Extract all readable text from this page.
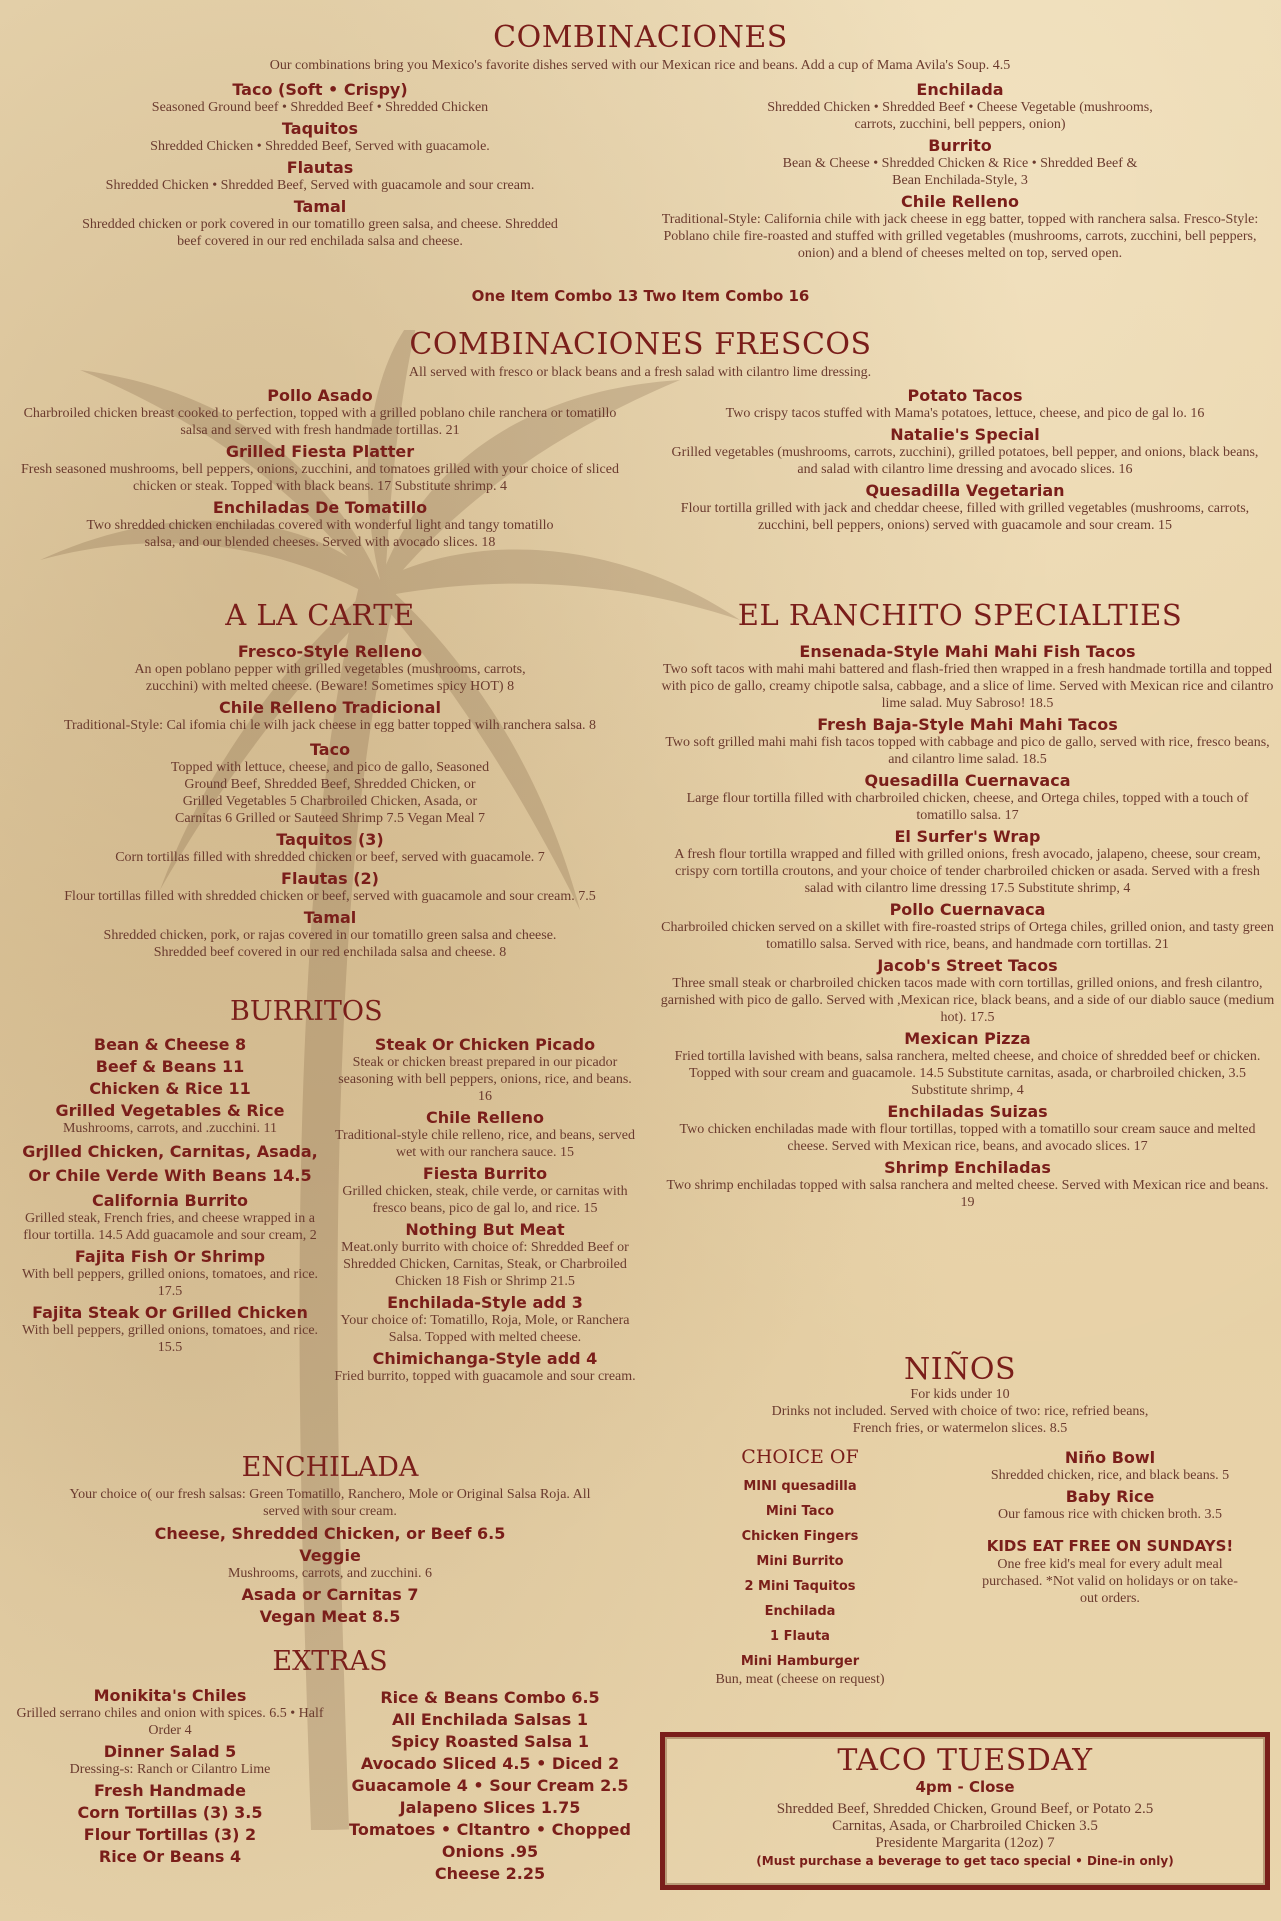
COMBINACIONES
Our combinations bring you Mexico's favorite dishes served with our Mexican rice and beans. Add a cup of Mama Avila's Soup. 4.5
Taco (Soft • Crispy)
Seasoned Ground beef • Shredded Beef • Shredded Chicken
Taquitos
Shredded Chicken • Shredded Beef, Served with guacamole.
Flautas
Shredded Chicken • Shredded Beef, Served with guacamole and sour cream.
Tamal
Shredded chicken or pork covered in our tomatillo green salsa, and cheese. Shredded beef covered in our red enchilada salsa and cheese.
Enchilada
Shredded Chicken • Shredded Beef • Cheese Vegetable (mushrooms, carrots, zucchini, bell peppers, onion)
Burrito
Bean & Cheese • Shredded Chicken & Rice • Shredded Beef & Bean Enchilada-Style, 3
Chile Relleno
Traditional-Style: California chile with jack cheese in egg batter, topped with ranchera salsa. Fresco-Style: Poblano chile fire-roasted and stuffed with grilled vegetables (mushrooms, carrots, zucchini, bell peppers, onion) and a blend of cheeses melted on top, served open.
One Item Combo 13 Two Item Combo 16
COMBINACIONES FRESCOS
All served with fresco or black beans and a fresh salad with cilantro lime dressing.
Pollo Asado
Charbroiled chicken breast cooked to perfection, topped with a grilled poblano chile ranchera or tomatillo salsa and served with fresh handmade tortillas. 21
Grilled Fiesta Platter
Fresh seasoned mushrooms, bell peppers, onions, zucchini, and tomatoes grilled with your choice of sliced chicken or steak. Topped with black beans. 17 Substitute shrimp. 4
Enchiladas De Tomatillo
Two shredded chicken enchiladas covered with wonderful light and tangy tomatillo salsa, and our blended cheeses. Served with avocado slices. 18
Potato Tacos
Two crispy tacos stuffed with Mama's potatoes, lettuce, cheese, and pico de gal lo. 16
Natalie's Special
Grilled vegetables (mushrooms, carrots, zucchini), grilled potatoes, bell pepper, and onions, black beans, and salad with cilantro lime dressing and avocado slices. 16
Quesadilla Vegetarian
Flour tortilla grilled with jack and cheddar cheese, filled with grilled vegetables (mushrooms, carrots, zucchini, bell peppers, onions) served with guacamole and sour cream. 15
A LA CARTE
Fresco-Style Relleno
An open poblano pepper with grilled vegetables (mushrooms, carrots, zucchini) with melted cheese. (Beware! Sometimes spicy HOT) 8
Chile Relleno Tradicional
Traditional-Style: Cal ifomia chi le wilh jack cheese in egg batter topped wilh ranchera salsa. 8
Taco
Topped with lettuce, cheese, and pico de gallo, Seasoned Ground Beef, Shredded Beef, Shredded Chicken, or Grilled Vegetables 5 Charbroiled Chicken, Asada, or Carnitas 6 Grilled or Sauteed Shrimp 7.5 Vegan Meal 7
Taquitos (3)
Corn tortillas filled with shredded chicken or beef, served with guacamole. 7
Flautas (2)
Flour tortillas filled with shredded chicken or beef, served with guacamole and sour cream. 7.5
Tamal
Shredded chicken, pork, or rajas covered in our tomatillo green salsa and cheese. Shredded beef covered in our red enchilada salsa and cheese. 8
BURRITOS
Bean & Cheese 8
Beef & Beans 11
Chicken & Rice 11
Grilled Vegetables & Rice
Mushrooms, carrots, and .zucchini. 11
Grjlled Chicken, Carnitas, Asada, Or Chile Verde With Beans 14.5
California Burrito
Grilled steak, French fries, and cheese wrapped in a flour tortilla. 14.5 Add guacamole and sour cream, 2
Fajita Fish Or Shrimp
With bell peppers, grilled onions, tomatoes, and rice. 17.5
Fajita Steak Or Grilled Chicken
With bell peppers, grilled onions, tomatoes, and rice. 15.5
Steak Or Chicken Picado
Steak or chicken breast prepared in our picador seasoning with bell peppers, onions, rice, and beans. 16
Chile Relleno
Traditional-style chile relleno, rice, and beans, served wet with our ranchera sauce. 15
Fiesta Burrito
Grilled chicken, steak, chile verde, or carnitas with fresco beans, pico de gal lo, and rice. 15
Nothing But Meat
Meat.only burrito with choice of: Shredded Beef or Shredded Chicken, Carnitas, Steak, or Charbroiled Chicken 18 Fish or Shrimp 21.5
Enchilada-Style add 3
Your choice of: Tomatillo, Roja, Mole, or Ranchera Salsa. Topped with melted cheese.
Chimichanga-Style add 4
Fried burrito, topped with guacamole and sour cream.
ENCHILADA
Your choice o( our fresh salsas: Green Tomatillo, Ranchero, Mole or Original Salsa Roja. All served with sour cream.
Cheese, Shredded Chicken, or Beef 6.5
Veggie
Mushrooms, carrots, and zucchini. 6
Asada or Carnitas 7
Vegan Meat 8.5
EXTRAS
Monikita's Chiles
Grilled serrano chiles and onion with spices. 6.5 • Half Order 4
Dinner Salad 5
Dressing-s: Ranch or Cilantro Lime
Fresh Handmade
Corn Tortillas (3) 3.5
Flour Tortillas (3) 2
Rice Or Beans 4
Rice & Beans Combo 6.5
All Enchilada Salsas 1
Spicy Roasted Salsa 1
Avocado Sliced 4.5 • Diced 2
Guacamole 4 • Sour Cream 2.5
Jalapeno Slices 1.75
Tomatoes • Cltantro • Chopped
Onions .95
Cheese 2.25
EL RANCHITO SPECIALTIES
Ensenada-Style Mahi Mahi Fish Tacos
Two soft tacos with mahi mahi battered and flash-fried then wrapped in a fresh handmade tortilla and topped with pico de gallo, creamy chipotle salsa, cabbage, and a slice of lime. Served with Mexican rice and cilantro lime salad. Muy Sabroso! 18.5
Fresh Baja-Style Mahi Mahi Tacos
Two soft grilled mahi mahi fish tacos topped with cabbage and pico de gallo, served with rice, fresco beans, and cilantro lime salad. 18.5
Quesadilla Cuernavaca
Large flour tortilla filled with charbroiled chicken, cheese, and Ortega chiles, topped with a touch of tomatillo salsa. 17
El Surfer's Wrap
A fresh flour tortilla wrapped and filled with grilled onions, fresh avocado, jalapeno, cheese, sour cream, crispy corn tortilla croutons, and your choice of tender charbroiled chicken or asada. Served with a fresh salad with cilantro lime dressing 17.5 Substitute shrimp, 4
Pollo Cuernavaca
Charbroiled chicken served on a skillet with fire-roasted strips of Ortega chiles, grilled onion, and tasty green tomatillo salsa. Served with rice, beans, and handmade corn tortillas. 21
Jacob's Street Tacos
Three small steak or charbroiled chicken tacos made with corn tortillas, grilled onions, and fresh cilantro, garnished with pico de gallo. Served with ,Mexican rice, black beans, and a side of our diablo sauce (medium hot). 17.5
Mexican Pizza
Fried tortilla lavished with beans, salsa ranchera, melted cheese, and choice of shredded beef or chicken. Topped with sour cream and guacamole. 14.5 Substitute carnitas, asada, or charbroiled chicken, 3.5 Substitute shrimp, 4
Enchiladas Suizas
Two chicken enchiladas made with flour tortillas, topped with a tomatillo sour cream sauce and melted cheese. Served with Mexican rice, beans, and avocado slices. 17
Shrimp Enchiladas
Two shrimp enchiladas topped with salsa ranchera and melted cheese. Served with Mexican rice and beans. 19
NIÑOS
For kids under 10
Drinks not included. Served with choice of two: rice, refried beans, French fries, or watermelon slices. 8.5
CHOICE OF
MINI quesadilla
Mini Taco
Chicken Fingers
Mini Burrito
2 Mini Taquitos
Enchilada
1 Flauta
Mini Hamburger
Bun, meat (cheese on request)
Niño Bowl
Shredded chicken, rice, and black beans. 5
Baby Rice
Our famous rice with chicken broth. 3.5
KIDS EAT FREE ON SUNDAYS!
One free kid's meal for every adult meal purchased. *Not valid on holidays or on take-out orders.
TACO TUESDAY
4pm - Close
Shredded Beef, Shredded Chicken, Ground Beef, or Potato 2.5
Carnitas, Asada, or Charbroiled Chicken 3.5
Presidente Margarita (12oz) 7
(Must purchase a beverage to get taco special • Dine-in only)
